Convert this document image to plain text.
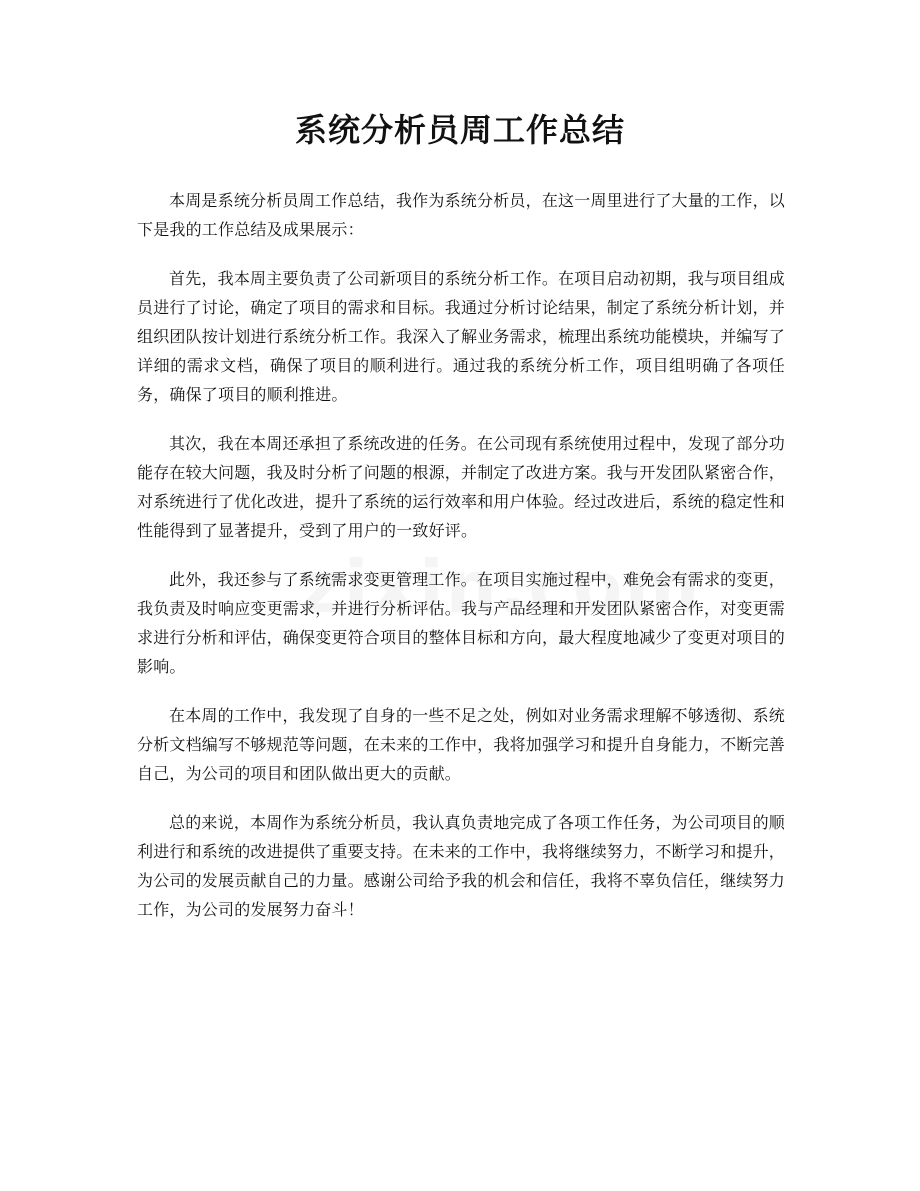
系统分析员周工作总结

本周是系统分析员周工作总结，我作为系统分析员，在这一周里进行了大量的工作，以下是我的工作总结及成果展示：

首先，我本周主要负责了公司新项目的系统分析工作。在项目启动初期，我与项目组成员进行了讨论，确定了项目的需求和目标。我通过分析讨论结果，制定了系统分析计划，并组织团队按计划进行系统分析工作。我深入了解业务需求，梳理出系统功能模块，并编写了详细的需求文档，确保了项目的顺利进行。通过我的系统分析工作，项目组明确了各项任务，确保了项目的顺利推进。

其次，我在本周还承担了系统改进的任务。在公司现有系统使用过程中，发现了部分功能存在较大问题，我及时分析了问题的根源，并制定了改进方案。我与开发团队紧密合作，对系统进行了优化改进，提升了系统的运行效率和用户体验。经过改进后，系统的稳定性和性能得到了显著提升，受到了用户的一致好评。

此外，我还参与了系统需求变更管理工作。在项目实施过程中，难免会有需求的变更，我负责及时响应变更需求，并进行分析评估。我与产品经理和开发团队紧密合作，对变更需求进行分析和评估，确保变更符合项目的整体目标和方向，最大程度地减少了变更对项目的影响。

在本周的工作中，我发现了自身的一些不足之处，例如对业务需求理解不够透彻、系统分析文档编写不够规范等问题，在未来的工作中，我将加强学习和提升自身能力，不断完善自己，为公司的项目和团队做出更大的贡献。

总的来说，本周作为系统分析员，我认真负责地完成了各项工作任务，为公司项目的顺利进行和系统的改进提供了重要支持。在未来的工作中，我将继续努力，不断学习和提升，为公司的发展贡献自己的力量。感谢公司给予我的机会和信任，我将不辜负信任，继续努力工作，为公司的发展努力奋斗！
